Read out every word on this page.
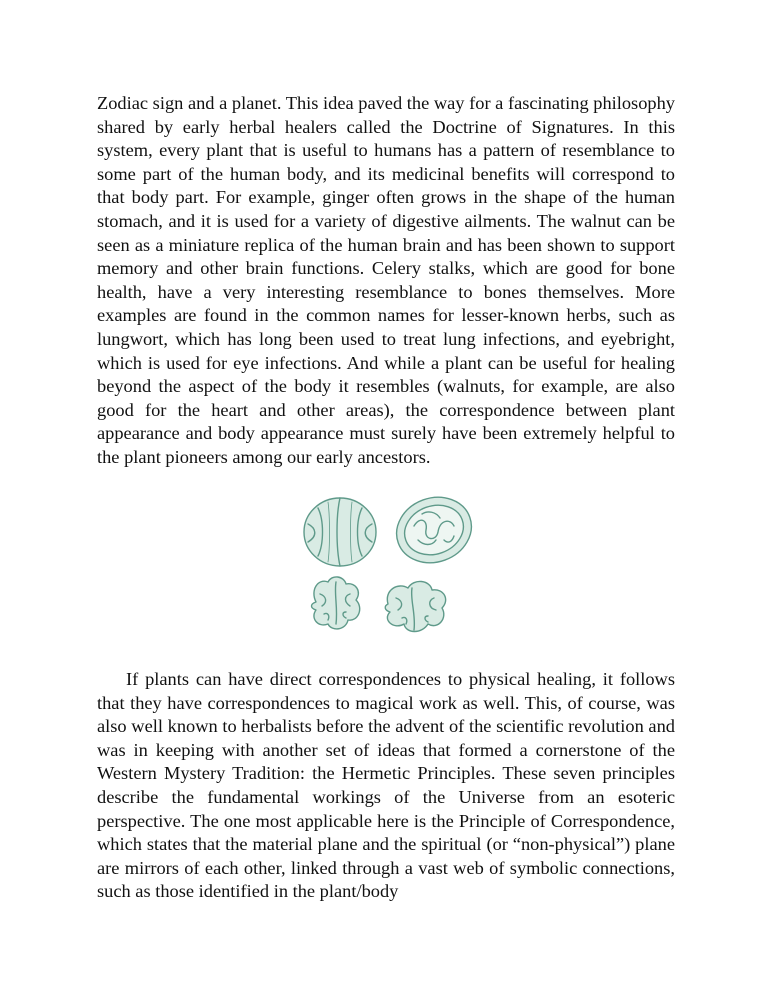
Zodiac sign and a planet. This idea paved the way for a fascinating philosophy shared by early herbal healers called the Doctrine of Signatures. In this system, every plant that is useful to humans has a pattern of resemblance to some part of the human body, and its medicinal benefits will correspond to that body part. For example, ginger often grows in the shape of the human stomach, and it is used for a variety of digestive ailments. The walnut can be seen as a miniature replica of the human brain and has been shown to support memory and other brain functions. Celery stalks, which are good for bone health, have a very interesting resemblance to bones themselves. More examples are found in the common names for lesser-known herbs, such as lungwort, which has long been used to treat lung infections, and eyebright, which is used for eye infections. And while a plant can be useful for healing beyond the aspect of the body it resembles (walnuts, for example, are also good for the heart and other areas), the correspondence between plant appearance and body appearance must surely have been extremely helpful to the plant pioneers among our early ancestors.

If plants can have direct correspondences to physical healing, it follows that they have correspondences to magical work as well. This, of course, was also well known to herbalists before the advent of the scientific revolution and was in keeping with another set of ideas that formed a cornerstone of the Western Mystery Tradition: the Hermetic Principles. These seven principles describe the fundamental workings of the Universe from an esoteric perspective. The one most applicable here is the Principle of Correspondence, which states that the material plane and the spiritual (or “non-physical”) plane are mirrors of each other, linked through a vast web of symbolic connections, such as those identified in the plant/body
